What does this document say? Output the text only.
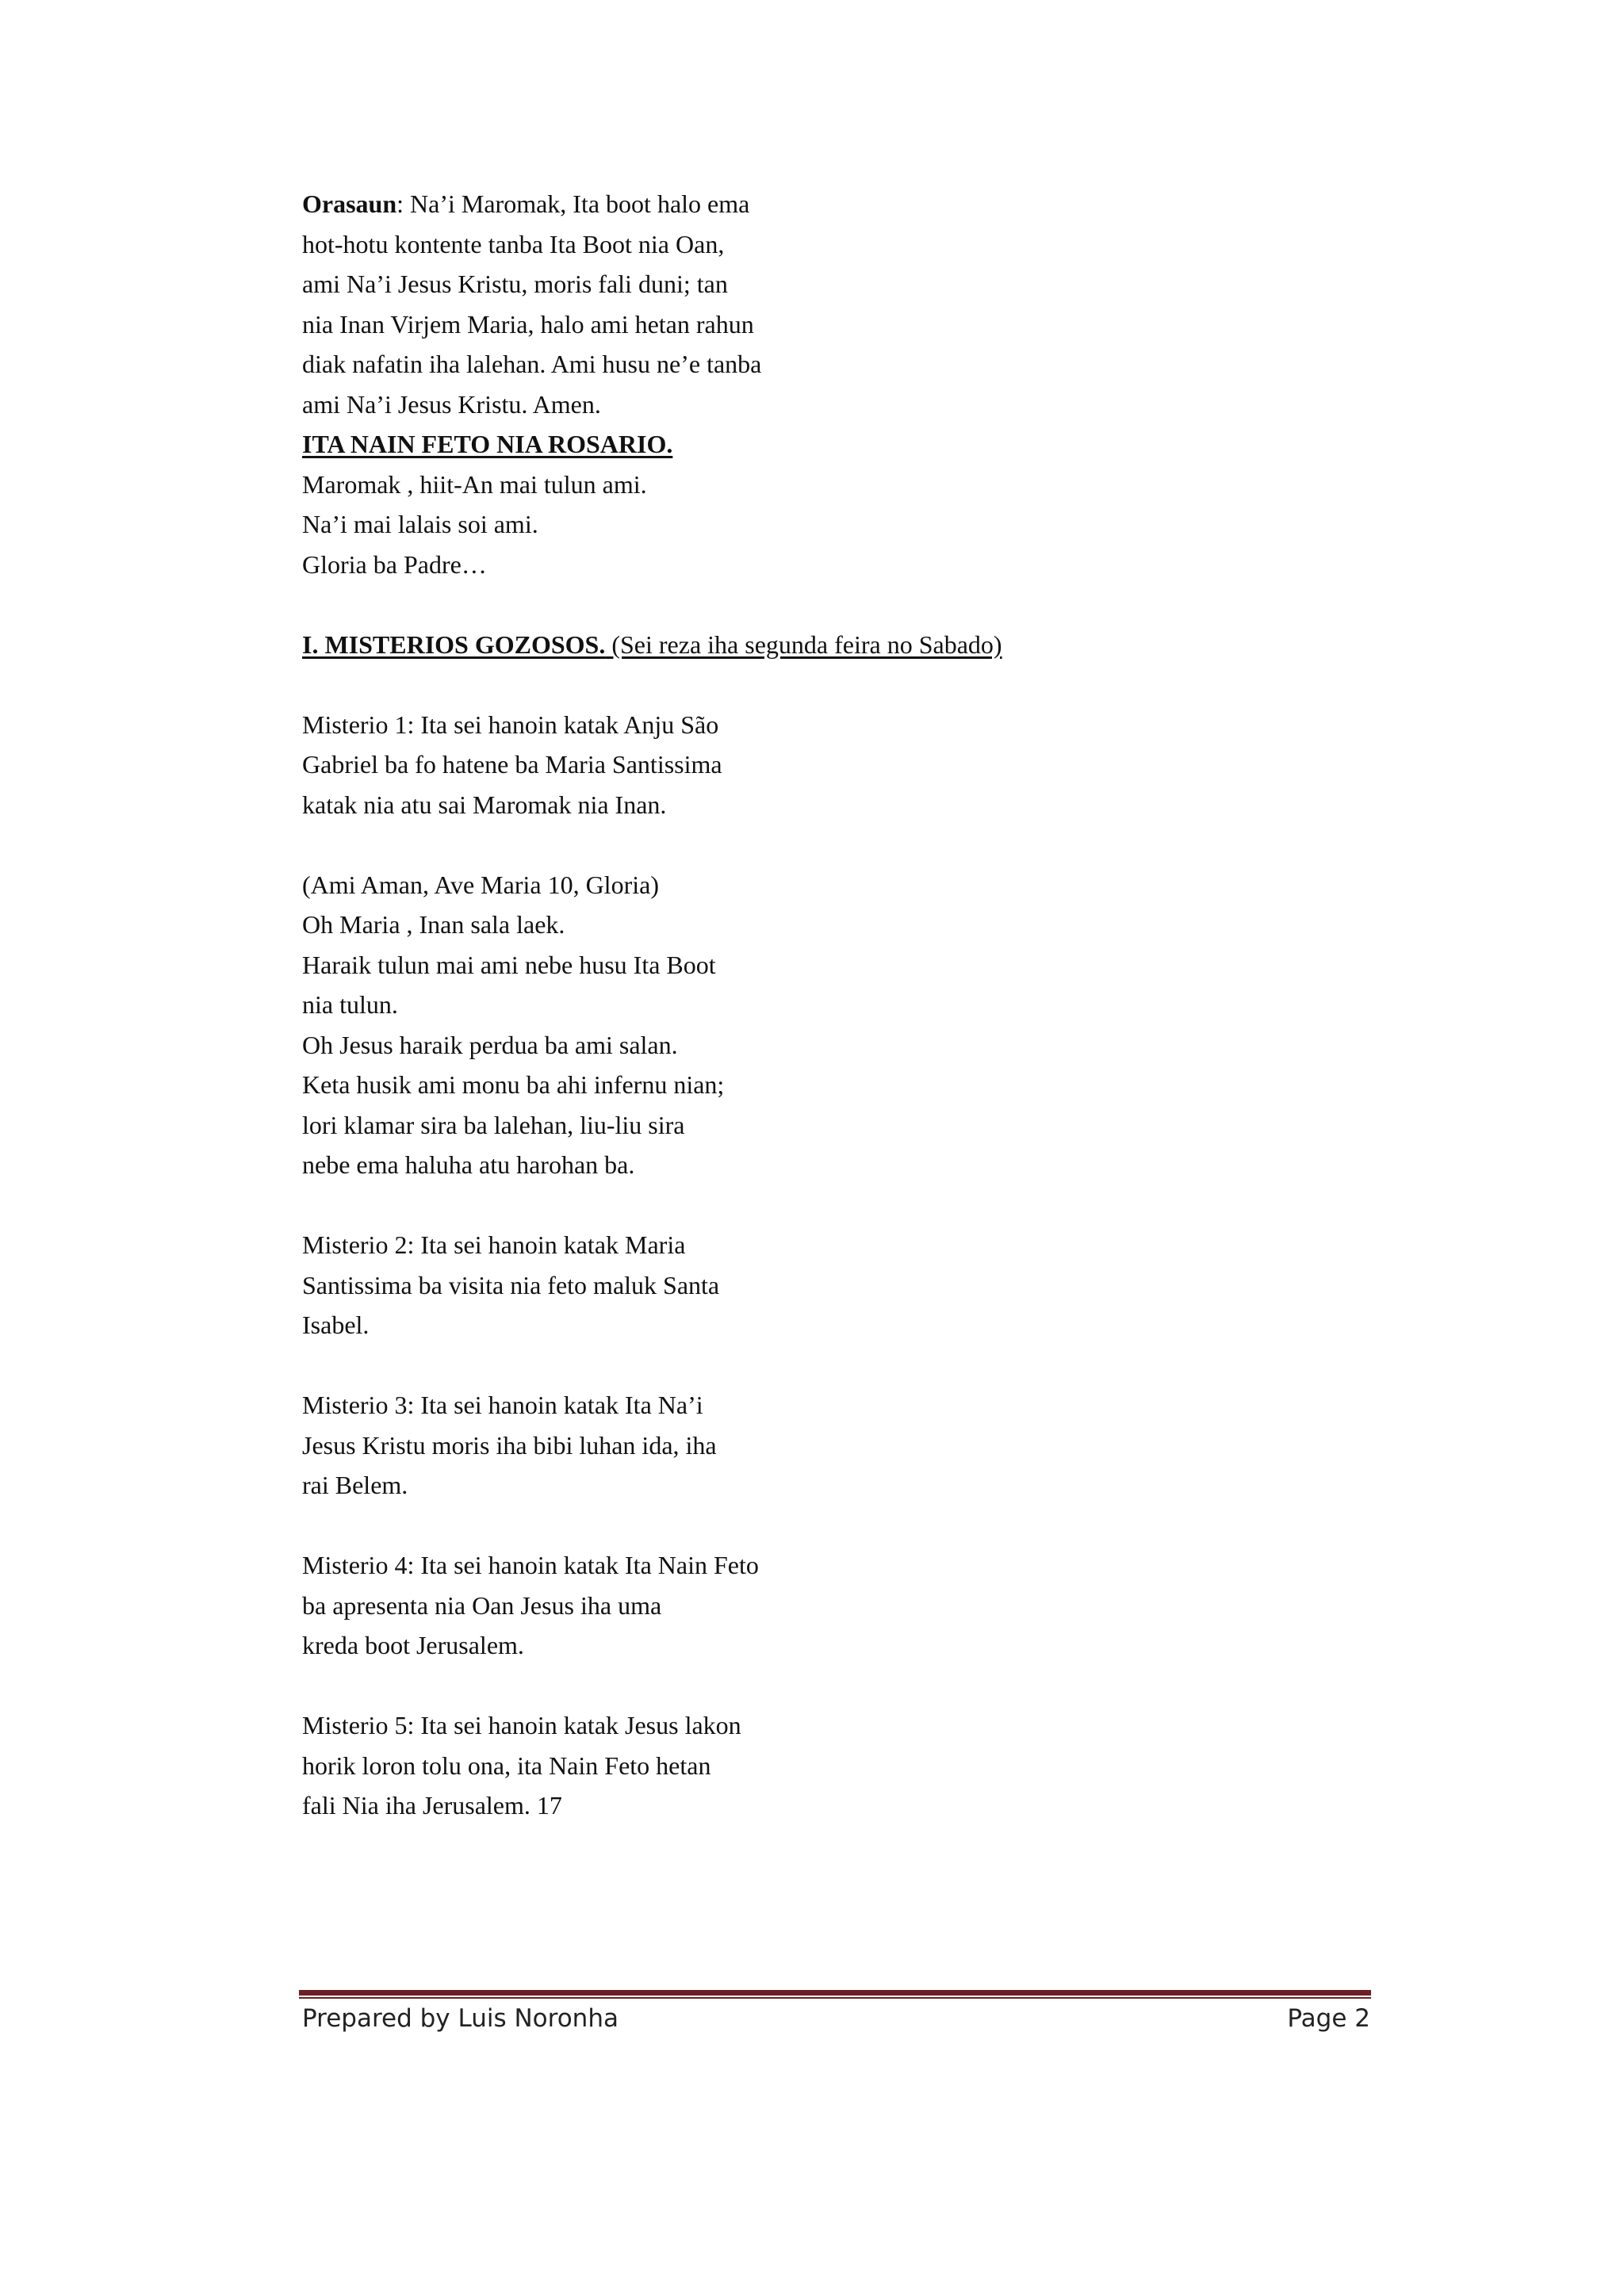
Orasaun: Na’i Maromak, Ita boot halo ema
hot-hotu kontente tanba Ita Boot nia Oan,
ami Na’i Jesus Kristu, moris fali duni; tan
nia Inan Virjem Maria, halo ami hetan rahun
diak nafatin iha lalehan. Ami husu ne’e tanba
ami Na’i Jesus Kristu. Amen.
ITA NAIN FETO NIA ROSARIO.
Maromak , hiit-An mai tulun ami.
Na’i mai lalais soi ami.
Gloria ba Padre…
I. MISTERIOS GOZOSOS. (Sei reza iha segunda feira no Sabado)
Misterio 1: Ita sei hanoin katak Anju São
Gabriel ba fo hatene ba Maria Santissima
katak nia atu sai Maromak nia Inan.
(Ami Aman, Ave Maria 10, Gloria)
Oh Maria , Inan sala laek.
Haraik tulun mai ami nebe husu Ita Boot
nia tulun.
Oh Jesus haraik perdua ba ami salan.
Keta husik ami monu ba ahi infernu nian;
lori klamar sira ba lalehan, liu-liu sira
nebe ema haluha atu harohan ba.
Misterio 2: Ita sei hanoin katak Maria
Santissima ba visita nia feto maluk Santa
Isabel.
Misterio 3: Ita sei hanoin katak Ita Na’i
Jesus Kristu moris iha bibi luhan ida, iha
rai Belem.
Misterio 4: Ita sei hanoin katak Ita Nain Feto
ba apresenta nia Oan Jesus iha uma
kreda boot Jerusalem.
Misterio 5: Ita sei hanoin katak Jesus lakon
horik loron tolu ona, ita Nain Feto hetan
fali Nia iha Jerusalem. 17
Prepared by Luis Noronha	Page 2
